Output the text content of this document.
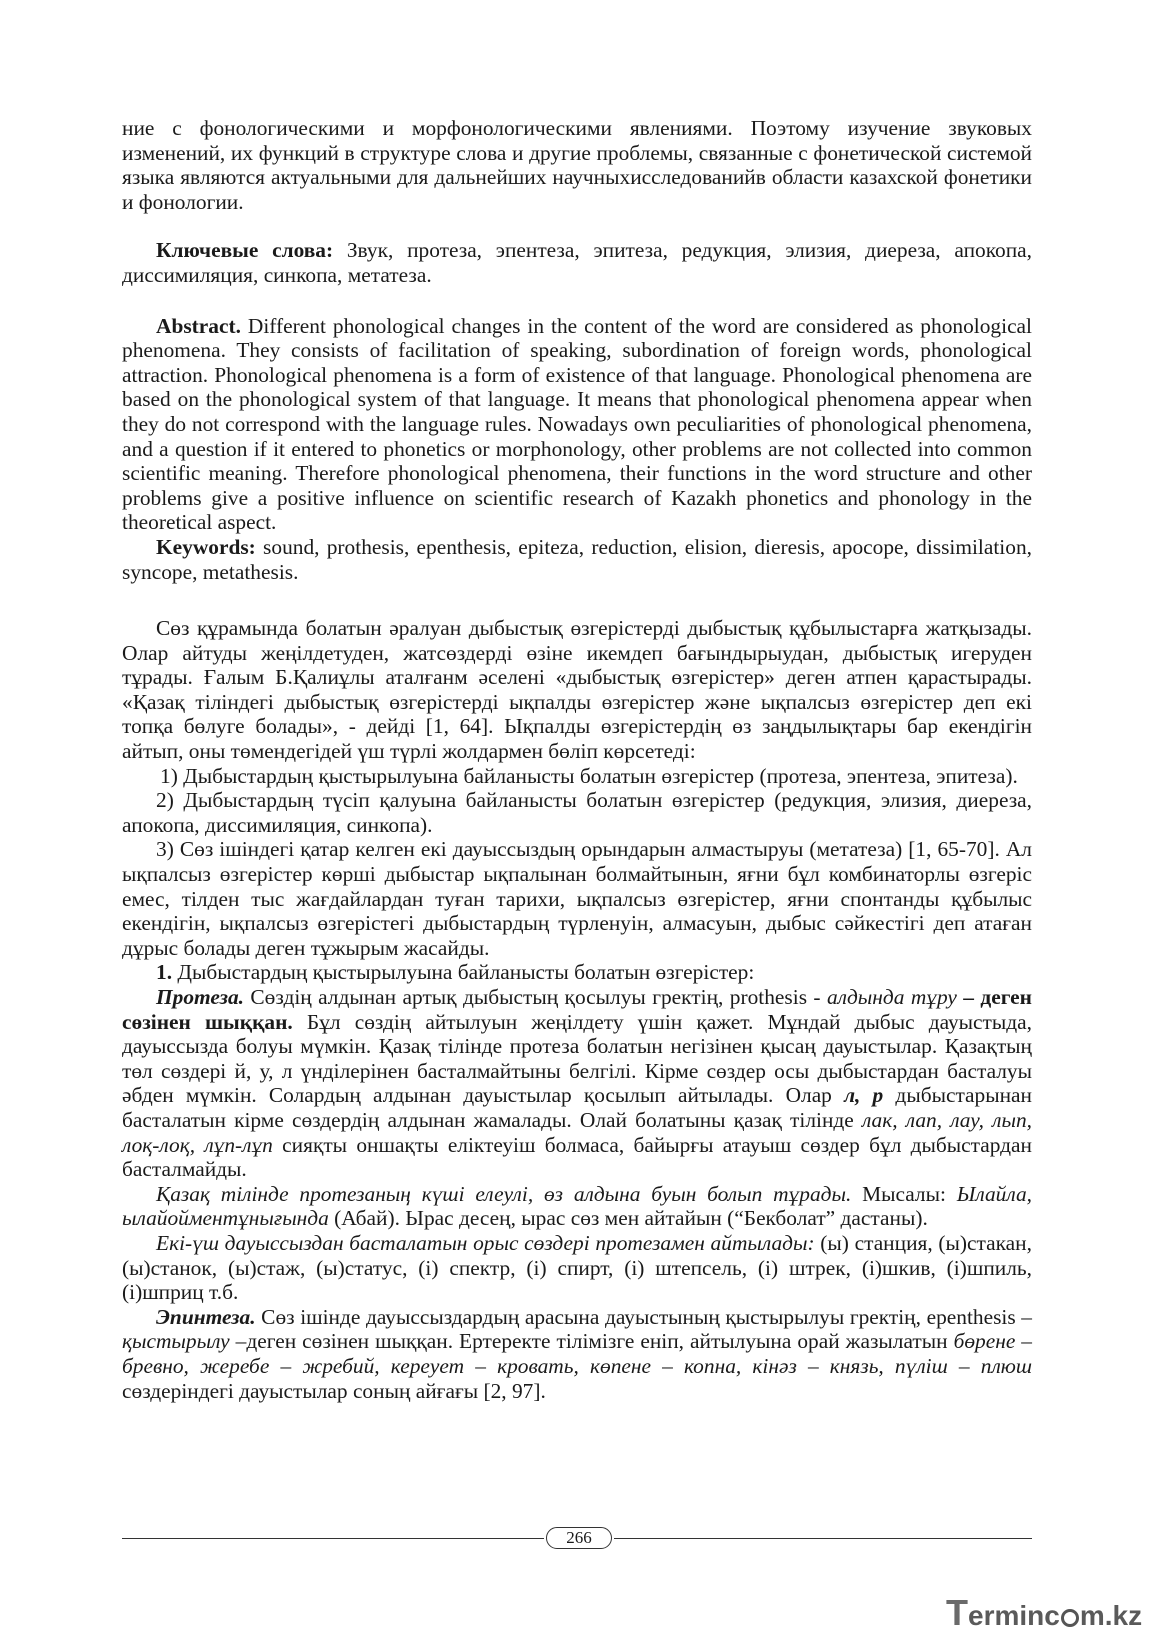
ние с фонологическими и морфонологическими явлениями. Поэтому изучение звуковых изменений, их функций в структуре слова и другие проблемы, связанные с фонетической системой языка являются актуальными для дальнейших научныхисследованийв области казахской фонетики и фонологии.

Ключевые слова: Звук, протеза, эпентеза, эпитеза, редукция, элизия, диереза, апокопа, диссимиляция, синкопа, метатеза.

Abstract. Different phonological changes in the content of the word are considered as phonological phenomena. They consists of facilitation of speaking, subordination of foreign words, phonological attraction. Phonological phenomena is a form of existence of that language. Phonological phenomena are based on the phonological system of that language. It means that phonological phenomena appear when they do not correspond with the language rules. Nowadays own peculiarities of phonological phenomena, and a question if it entered to phonetics or morphonology, other problems are not collected into common scientific meaning. Therefore phonological phenomena, their functions in the word structure and other problems give a positive influence on scientific research of Kazakh phonetics and phonology in the theoretical aspect.

Keywords: sound, prothesis, epenthesis, epiteza, reduction, elision, dieresis, apocope, dissimilation, syncope, metathesis.

Сөз құрамында болатын әралуан дыбыстық өзгерістерді дыбыстық құбылыстарға жатқызады. Олар айтуды жеңілдетуден, жатсөздерді өзіне икемдеп бағындырыудан, дыбыстық игеруден тұрады. Ғалым Б.Қалиұлы аталғанм әселені «дыбыстық өзгерістер» деген атпен қарастырады. «Қазақ тіліндегі дыбыстық өзгерістерді ықпалды өзгерістер және ықпалсыз өзгерістер деп екі топқа бөлуге болады», - дейді [1, 64]. Ықпалды өзгерістердің өз заңдылықтары бар екендігін айтып, оны төмендегідей үш түрлі жолдармен бөліп көрсетеді:

1) Дыбыстардың қыстырылуына байланысты болатын өзгерістер (протеза, эпентеза, эпитеза).

2) Дыбыстардың түсіп қалуына байланысты болатын өзгерістер (редукция, элизия, диереза, апокопа, диссимиляция, синкопа).

3) Сөз ішіндегі қатар келген екі дауыссыздың орындарын алмастыруы (метатеза) [1, 65-70]. Ал ықпалсыз өзгерістер көрші дыбыстар ықпалынан болмайтынын, яғни бұл комбинаторлы өзгеріс емес, тілден тыс жағдайлардан туған тарихи, ықпалсыз өзгерістер, яғни спонтанды құбылыс екендігін, ықпалсыз өзгерістегі дыбыстардың түрленуін, алмасуын, дыбыс сәйкестігі деп атаған дұрыс болады деген тұжырым жасайды.

1. Дыбыстардың қыстырылуына байланысты болатын өзгерістер:

Протеза. Сөздің алдынан артық дыбыстың қосылуы гректің, prothesis - алдында тұру – деген сөзінен шыққан. Бұл сөздің айтылуын жеңілдету үшін қажет. Мұндай дыбыс дауыстыда, дауыссызда болуы мүмкін. Қазақ тілінде протеза болатын негізінен қысаң дауыстылар. Қазақтың төл сөздері й, у, л үнділерінен басталмайтыны белгілі. Кірме сөздер осы дыбыстардан басталуы әбден мүмкін. Солардың алдынан дауыстылар қосылып айтылады. Олар л, р дыбыстарынан басталатын кірме сөздердің алдынан жамалады. Олай болатыны қазақ тілінде лак, лап, лау, лып, лоқ-лоқ, лұп-лұп сияқты оншақты еліктеуіш болмаса, байырғы атауыш сөздер бұл дыбыстардан басталмайды.

Қазақ тілінде протезаның күші елеулі, өз алдына буын болып тұрады. Мысалы: Ылайла, ылайойментұнығында (Абай). Ырас десең, ырас сөз мен айтайын (“Бекболат” дастаны).

Екі-үш дауыссыздан басталатын орыс сөздері протезамен айтылады: (ы) станция, (ы)стакан, (ы)станок, (ы)стаж, (ы)статус, (і) спектр, (і) спирт, (і) штепсель, (і) штрек, (і)шкив, (і)шпиль, (і)шприц т.б.

Эпинтеза. Сөз ішінде дауыссыздардың арасына дауыстының қыстырылуы гректің, epenthesis – қыстырылу –деген сөзінен шыққан. Ертеректе тілімізге еніп, айтылуына орай жазылатын бөрене – бревно, жеребе – жребий, кереует – кровать, көпене – копна, кінәз – князь, пүліш – плюш сөздеріндегі дауыстылар соның айғағы [2, 97].

266
Terminc m.kz
